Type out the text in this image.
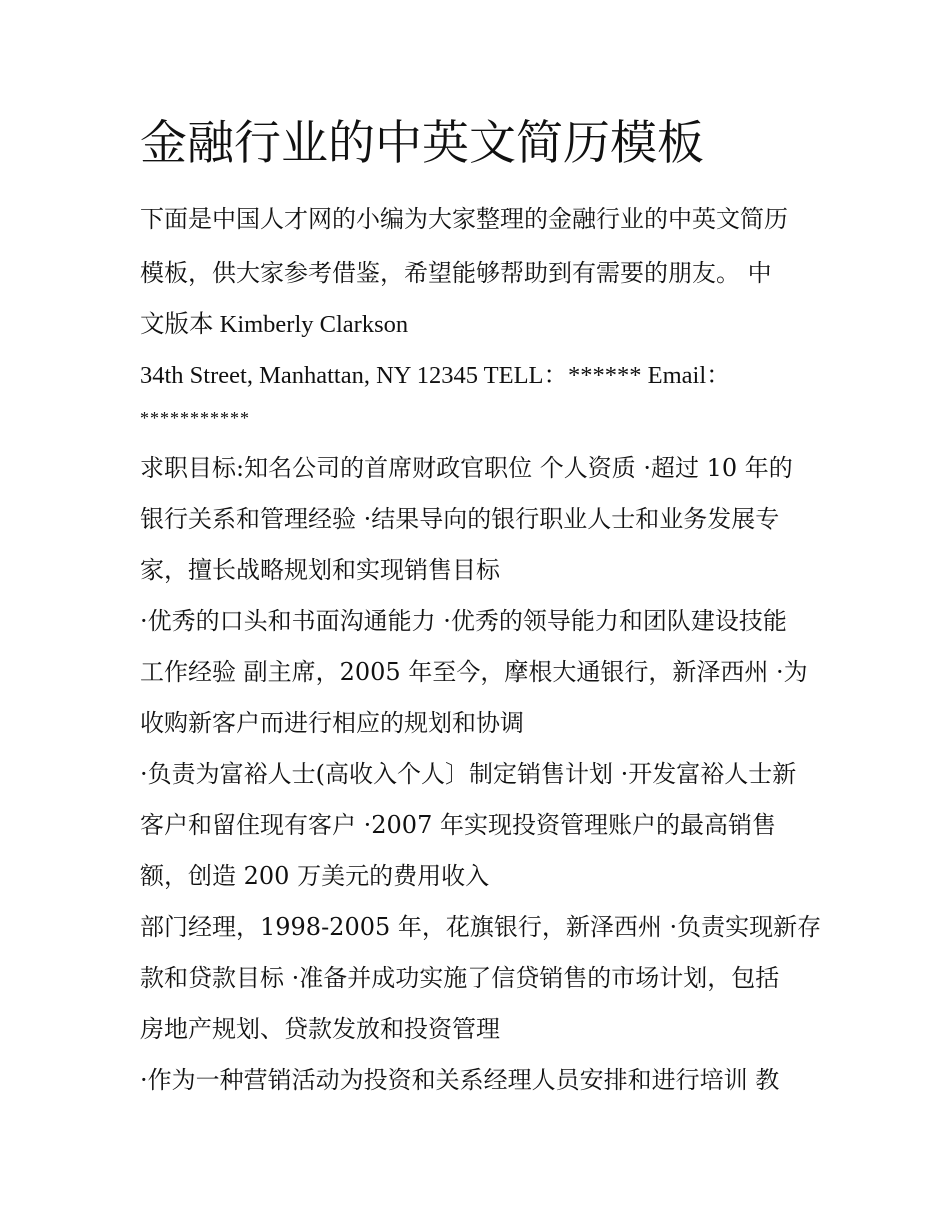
金融行业的中英文简历模板

下面是中国人才网的小编为大家整理的金融行业的中英文简历

模板，供大家参考借鉴，希望能够帮助到有需要的朋友。 中

文版本 Kimberly Clarkson

34th Street, Manhattan, NY 12345 TELL：****** Email：

***********

求职目标:知名公司的首席财政官职位 个人资质 ·超过 10 年的

银行关系和管理经验 ·结果导向的银行职业人士和业务发展专

家，擅长战略规划和实现销售目标

·优秀的口头和书面沟通能力 ·优秀的领导能力和团队建设技能

工作经验 副主席，2005 年至今，摩根大通银行，新泽西州 ·为

收购新客户而进行相应的规划和协调

·负责为富裕人士(高收入个人〕制定销售计划 ·开发富裕人士新

客户和留住现有客户 ·2007 年实现投资管理账户的最高销售

额，创造 200 万美元的费用收入

部门经理，1998-2005 年，花旗银行，新泽西州 ·负责实现新存

款和贷款目标 ·准备并成功实施了信贷销售的市场计划，包括

房地产规划、贷款发放和投资管理

·作为一种营销活动为投资和关系经理人员安排和进行培训 教
